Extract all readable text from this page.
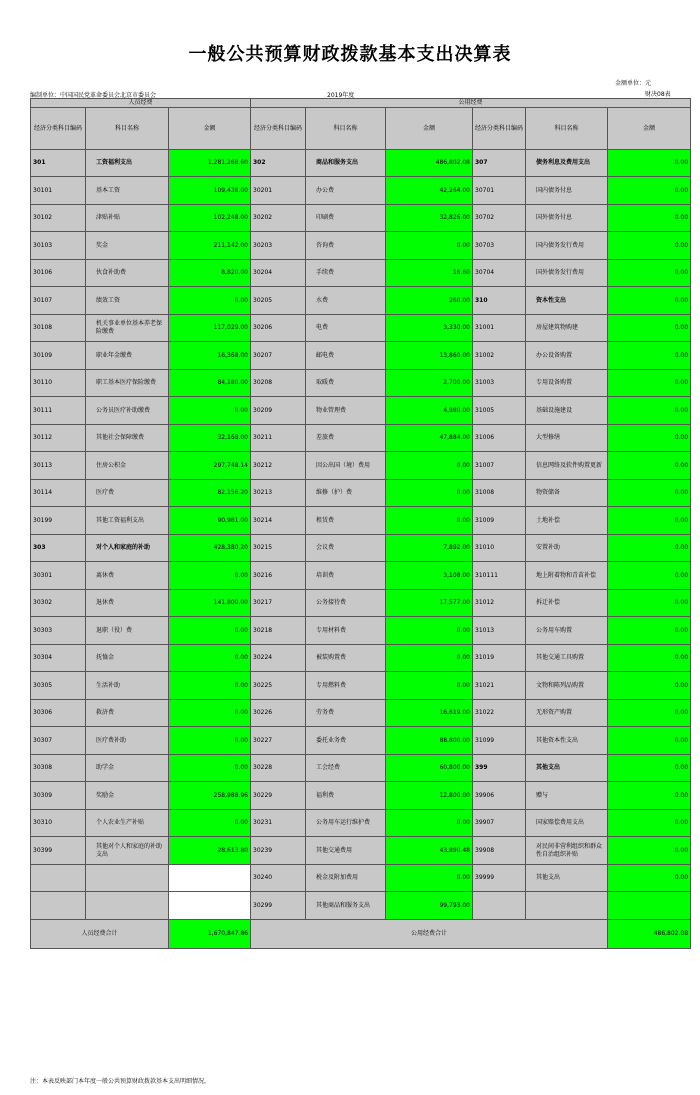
一般公共预算财政拨款基本支出决算表
金额单位：元
编制单位：中国国民党革命委员会北京市委员会	2019年度	财决08表
人员经费			公用经费					
经济分类科目编码	科目名称	金额	经济分类科目编码	科目名称	金额	经济分类科目编码	科目名称	金额
301	工资福利支出	1,281,268.60	302	商品和服务支出	486,802.08	307	债务利息及费用支出	0.00
30101	基本工资	109,438.00	30201	办公费	42,264.00	30701	国内债务付息	0.00
30102	津贴补贴	102,248.00	30202	印刷费	32,826.00	30702	国外债务付息	0.00
30103	奖金	211,142.00	30203	咨询费	0.00	30703	国内债务发行费用	0.00
30106	伙食补助费	8,820.00	30204	手续费	16.60	30704	国外债务发行费用	0.00
30107	绩效工资	0.00	30205	水费	260.00	310	资本性支出	0.00
30108	机关事业单位基本养老保险缴费	117,029.00	30206	电费	3,330.00	31001	房屋建筑物购建	0.00
30109	职业年金缴费	16,368.00	30207	邮电费	13,860.00	31002	办公设备购置	0.00
30110	职工基本医疗保险缴费	84,180.00	30208	取暖费	2,700.00	31003	专用设备购置	0.00
30111	公务员医疗补助缴费	0.00	30209	物业管理费	4,980.00	31005	基础设施建设	0.00
30112	其他社会保障缴费	32,168.00	30211	差旅费	47,884.00	31006	大型修缮	0.00
30113	住房公积金	297,748.14	30212	因公出国（境）费用	0.00	31007	信息网络及软件购置更新	0.00
30114	医疗费	82,156.20	30213	维修（护）费	0.00	31008	物资储备	0.00
30199	其他工资福利支出	90,981.00	30214	租赁费	0.00	31009	土地补偿	0.00
303	对个人和家庭的补助	428,380.20	30215	会议费	7,892.00	31010	安置补助	0.00
30301	离休费	0.00	30216	培训费	3,108.00	310111	地上附着物和青苗补偿	0.00
30302	退休费	141,800.00	30217	公务接待费	17,577.00	31012	拆迁补偿	0.00
30303	退职（役）费	0.00	30218	专用材料费	0.00	31013	公务用车购置	0.00
30304	抚恤金	0.00	30224	被装购置费	0.00	31019	其他交通工具购置	0.00
30305	生活补助	0.00	30225	专用燃料费	0.00	31021	文物和陈列品购置	0.00
30306	救济费	0.00	30226	劳务费	16,619.00	31022	无形资产购置	0.00
30307	医疗费补助	0.00	30227	委托业务费	88,800.00	31099	其他资本性支出	0.00
30308	助学金	0.00	30228	工会经费	60,800.00	399	其他支出	0.00
30309	奖励金	258,988.96	30229	福利费	12,800.00	39906	赠与	0.00
30310	个人农业生产补贴	0.00	30231	公务用车运行维护费	0.00	39907	国家赔偿费用支出	0.00
30399	其他对个人和家庭的补助支出	28,613.80	30239	其他交通费用	43,890.48	39908	对民间非营利组织和群众性自治组织补贴	0.00
			30240	税金及附加费用	0.00	39999	其他支出	0.00
			30299	其他商品和服务支出	99,793.00			
人员经费合计		1,670,847.86	公用经费合计					486,802.08
注：本表反映部门本年度一般公共预算财政拨款基本支出明细情况。
